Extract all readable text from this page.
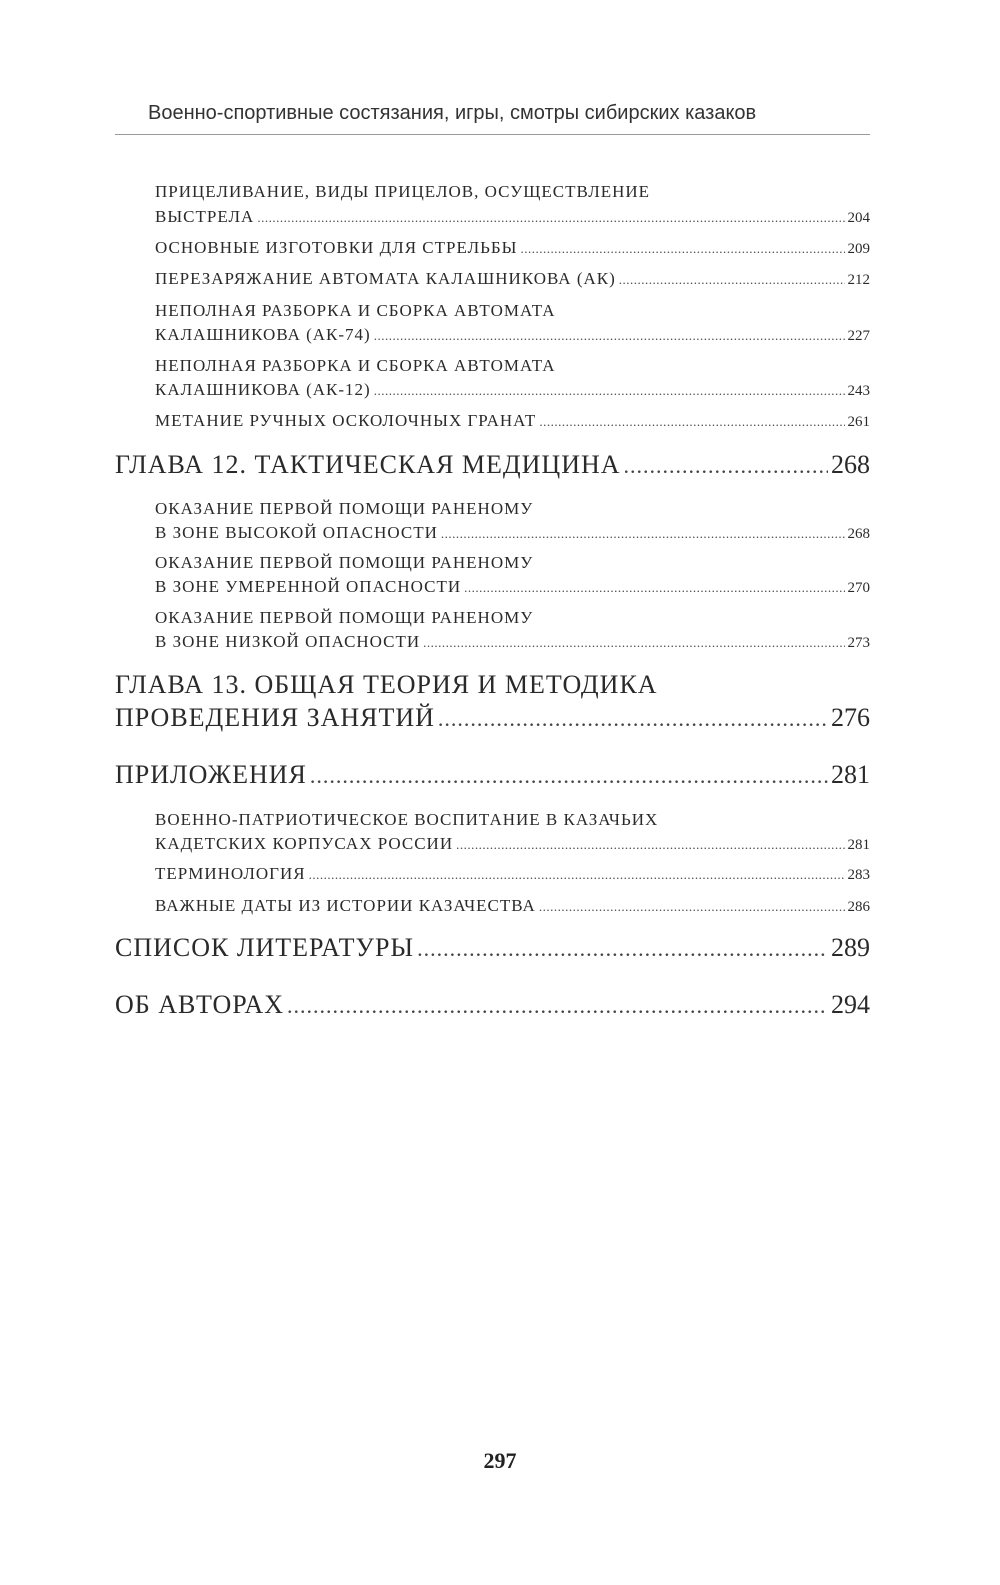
Военно-спортивные состязания, игры, смотры сибирских казаков
ПРИЦЕЛИВАНИЕ, ВИДЫ ПРИЦЕЛОВ, ОСУЩЕСТВЛЕНИЕ
ВЫСТРЕЛА .....	204
ОСНОВНЫЕ ИЗГОТОВКИ ДЛЯ СТРЕЛЬБЫ .....	209
ПЕРЕЗАРЯЖАНИЕ АВТОМАТА КАЛАШНИКОВА (АК) .....	212
НЕПОЛНАЯ РАЗБОРКА И СБОРКА АВТОМАТА
КАЛАШНИКОВА (АК-74) .....	227
НЕПОЛНАЯ РАЗБОРКА И СБОРКА АВТОМАТА
КАЛАШНИКОВА (АК-12) .....	243
МЕТАНИЕ РУЧНЫХ ОСКОЛОЧНЫХ ГРАНАТ .....	261
ГЛАВА 12. ТАКТИЧЕСКАЯ МЕДИЦИНА .....	268
ОКАЗАНИЕ ПЕРВОЙ ПОМОЩИ РАНЕНОМУ
В ЗОНЕ ВЫСОКОЙ ОПАСНОСТИ .....	268
ОКАЗАНИЕ ПЕРВОЙ ПОМОЩИ РАНЕНОМУ
В ЗОНЕ УМЕРЕННОЙ ОПАСНОСТИ .....	270
ОКАЗАНИЕ ПЕРВОЙ ПОМОЩИ РАНЕНОМУ
В ЗОНЕ НИЗКОЙ ОПАСНОСТИ .....	273
ГЛАВА 13. ОБЩАЯ ТЕОРИЯ И МЕТОДИКА
ПРОВЕДЕНИЯ ЗАНЯТИЙ .....	276
ПРИЛОЖЕНИЯ .....	281
ВОЕННО-ПАТРИОТИЧЕСКОЕ ВОСПИТАНИЕ В КАЗАЧЬИХ
КАДЕТСКИХ КОРПУСАХ РОССИИ .....	281
ТЕРМИНОЛОГИЯ .....	283
ВАЖНЫЕ ДАТЫ ИЗ ИСТОРИИ КАЗАЧЕСТВА .....	286
СПИСОК ЛИТЕРАТУРЫ .....	289
ОБ АВТОРАХ .....	294
297
